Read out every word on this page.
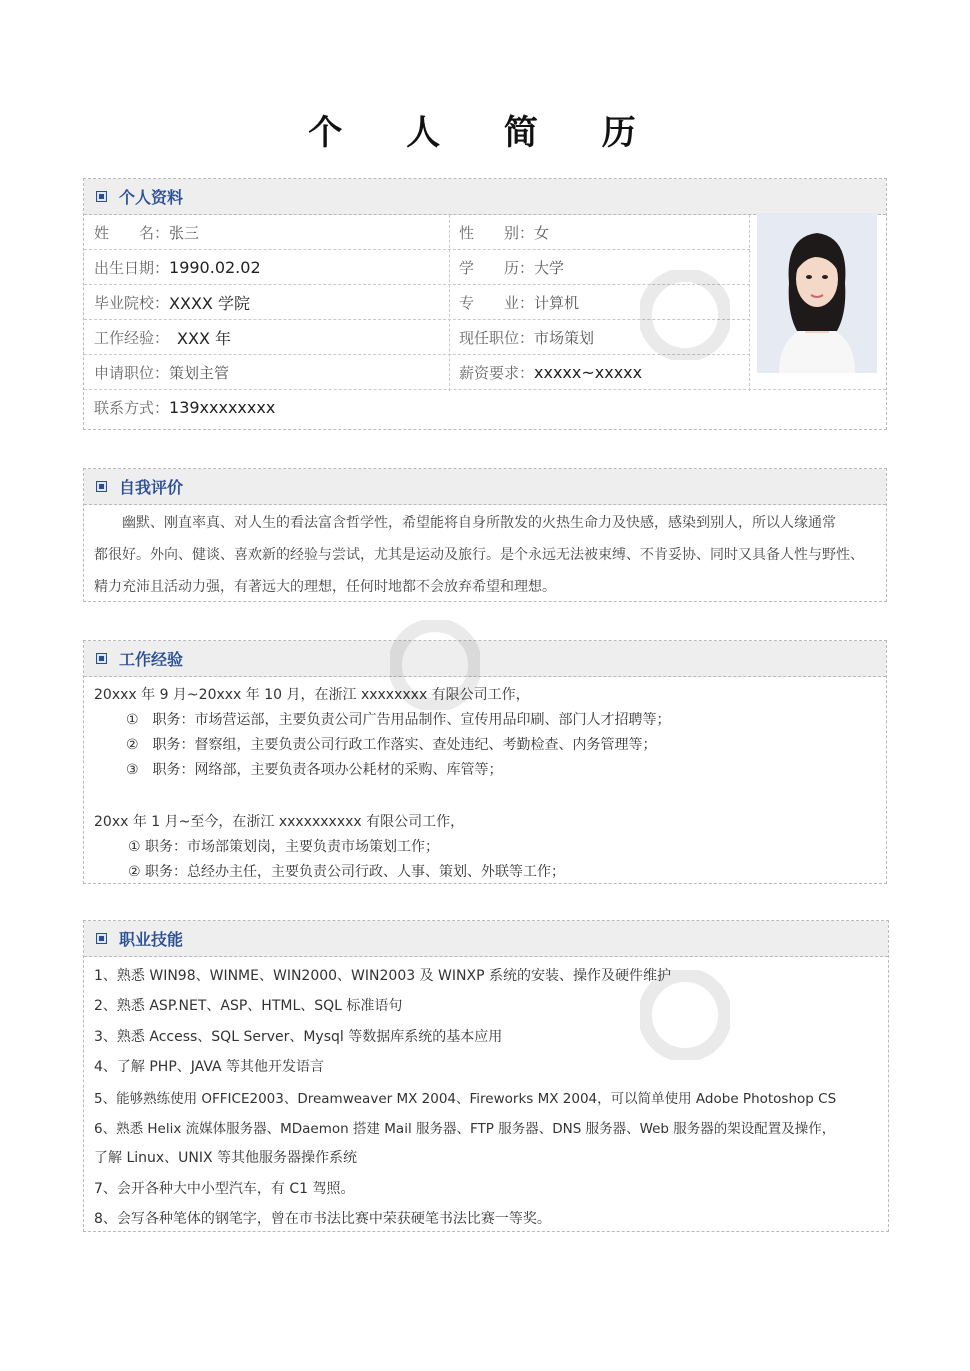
个 人 简 历
个人资料
姓　　名： 张三	性　　别： 女
出生日期： 1990.02.02	学　　历： 大学
毕业院校： XXXX 学院	专　　业： 计算机
工作经验： XXX 年	现任职位： 市场策划
申请职位： 策划主管	薪资要求： xxxxx~xxxxx
联系方式： 139xxxxxxxx
自我评价
　　幽默、刚直率真、对人生的看法富含哲学性，希望能将自身所散发的火热生命力及快感，感染到别人，所以人缘通常
都很好。外向、健谈、喜欢新的经验与尝试，尤其是运动及旅行。是个永远无法被束缚、不肯妥协、同时又具备人性与野性、
精力充沛且活动力强，有著远大的理想，任何时地都不会放弃希望和理想。
工作经验
20xxx 年 9 月~20xxx 年 10 月，在浙江 xxxxxxxx 有限公司工作，
①　职务：市场营运部，主要负责公司广告用品制作、宣传用品印刷、部门人才招聘等；
②　职务：督察组，主要负责公司行政工作落实、查处违纪、考勤检查、内务管理等；
③　职务：网络部，主要负责各项办公耗材的采购、库管等；
20xx 年 1 月~至今，在浙江 xxxxxxxxxx 有限公司工作，
① 职务：市场部策划岗，主要负责市场策划工作；
② 职务：总经办主任，主要负责公司行政、人事、策划、外联等工作；
职业技能
1、熟悉 WIN98、WINME、WIN2000、WIN2003 及 WINXP 系统的安装、操作及硬件维护
2、熟悉 ASP.NET、ASP、HTML、SQL 标准语句
3、熟悉 Access、SQL Server、Mysql 等数据库系统的基本应用
4、了解 PHP、JAVA 等其他开发语言
5、能够熟练使用 OFFICE2003、Dreamweaver MX 2004、Fireworks MX 2004，可以简单使用 Adobe Photoshop CS
6、熟悉 Helix 流媒体服务器、MDaemon 搭建 Mail 服务器、FTP 服务器、DNS 服务器、Web 服务器的架设配置及操作，
了解 Linux、UNIX 等其他服务器操作系统
7、会开各种大中小型汽车，有 C1 驾照。
8、会写各种笔体的钢笔字，曾在市书法比赛中荣获硬笔书法比赛一等奖。
